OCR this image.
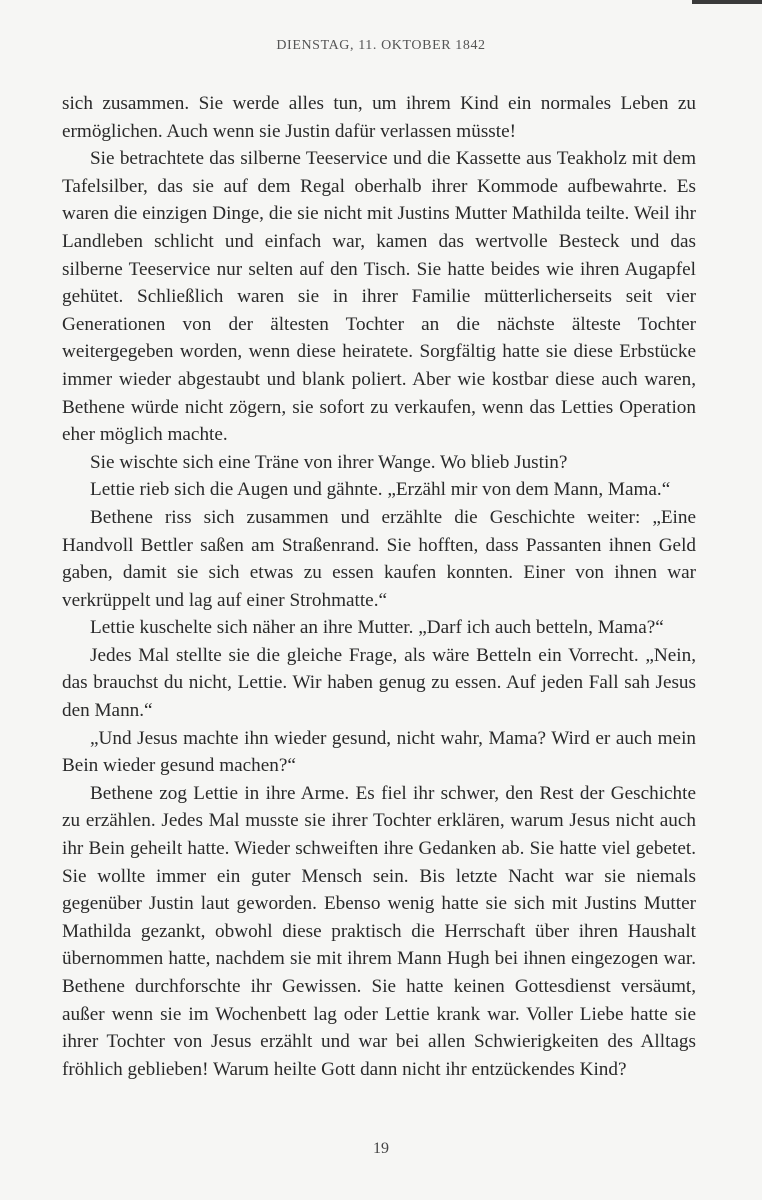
DIENSTAG, 11. OKTOBER 1842

sich zusammen. Sie werde alles tun, um ihrem Kind ein normales Leben zu ermöglichen. Auch wenn sie Justin dafür verlassen müsste!

Sie betrachtete das silberne Teeservice und die Kassette aus Teakholz mit dem Tafelsilber, das sie auf dem Regal oberhalb ihrer Kommode aufbewahrte. Es waren die einzigen Dinge, die sie nicht mit Justins Mutter Mathilda teilte. Weil ihr Landleben schlicht und einfach war, kamen das wertvolle Besteck und das silberne Teeservice nur selten auf den Tisch. Sie hatte beides wie ihren Augapfel gehütet. Schließlich waren sie in ihrer Familie mütterlicherseits seit vier Generationen von der ältesten Tochter an die nächste älteste Tochter weitergegeben worden, wenn diese heiratete. Sorgfältig hatte sie diese Erbstücke immer wieder abgestaubt und blank poliert. Aber wie kostbar diese auch waren, Bethene würde nicht zögern, sie sofort zu verkaufen, wenn das Letties Operation eher möglich machte.

Sie wischte sich eine Träne von ihrer Wange. Wo blieb Justin?

Lettie rieb sich die Augen und gähnte. „Erzähl mir von dem Mann, Mama.“

Bethene riss sich zusammen und erzählte die Geschichte weiter: „Eine Handvoll Bettler saßen am Straßenrand. Sie hofften, dass Passanten ihnen Geld gaben, damit sie sich etwas zu essen kaufen konnten. Einer von ihnen war verkrüppelt und lag auf einer Strohmatte.“

Lettie kuschelte sich näher an ihre Mutter. „Darf ich auch betteln, Mama?“

Jedes Mal stellte sie die gleiche Frage, als wäre Betteln ein Vorrecht. „Nein, das brauchst du nicht, Lettie. Wir haben genug zu essen. Auf jeden Fall sah Jesus den Mann.“

„Und Jesus machte ihn wieder gesund, nicht wahr, Mama? Wird er auch mein Bein wieder gesund machen?“

Bethene zog Lettie in ihre Arme. Es fiel ihr schwer, den Rest der Geschichte zu erzählen. Jedes Mal musste sie ihrer Tochter erklären, warum Jesus nicht auch ihr Bein geheilt hatte. Wieder schweiften ihre Gedanken ab. Sie hatte viel gebetet. Sie wollte immer ein guter Mensch sein. Bis letzte Nacht war sie niemals gegenüber Justin laut geworden. Ebenso wenig hatte sie sich mit Justins Mutter Mathilda gezankt, obwohl diese praktisch die Herrschaft über ihren Haushalt übernommen hatte, nachdem sie mit ihrem Mann Hugh bei ihnen eingezogen war. Bethene durchforschte ihr Gewissen. Sie hatte keinen Gottesdienst versäumt, außer wenn sie im Wochenbett lag oder Lettie krank war. Voller Liebe hatte sie ihrer Tochter von Jesus erzählt und war bei allen Schwierigkeiten des Alltags fröhlich geblieben! Warum heilte Gott dann nicht ihr entzückendes Kind?

19
